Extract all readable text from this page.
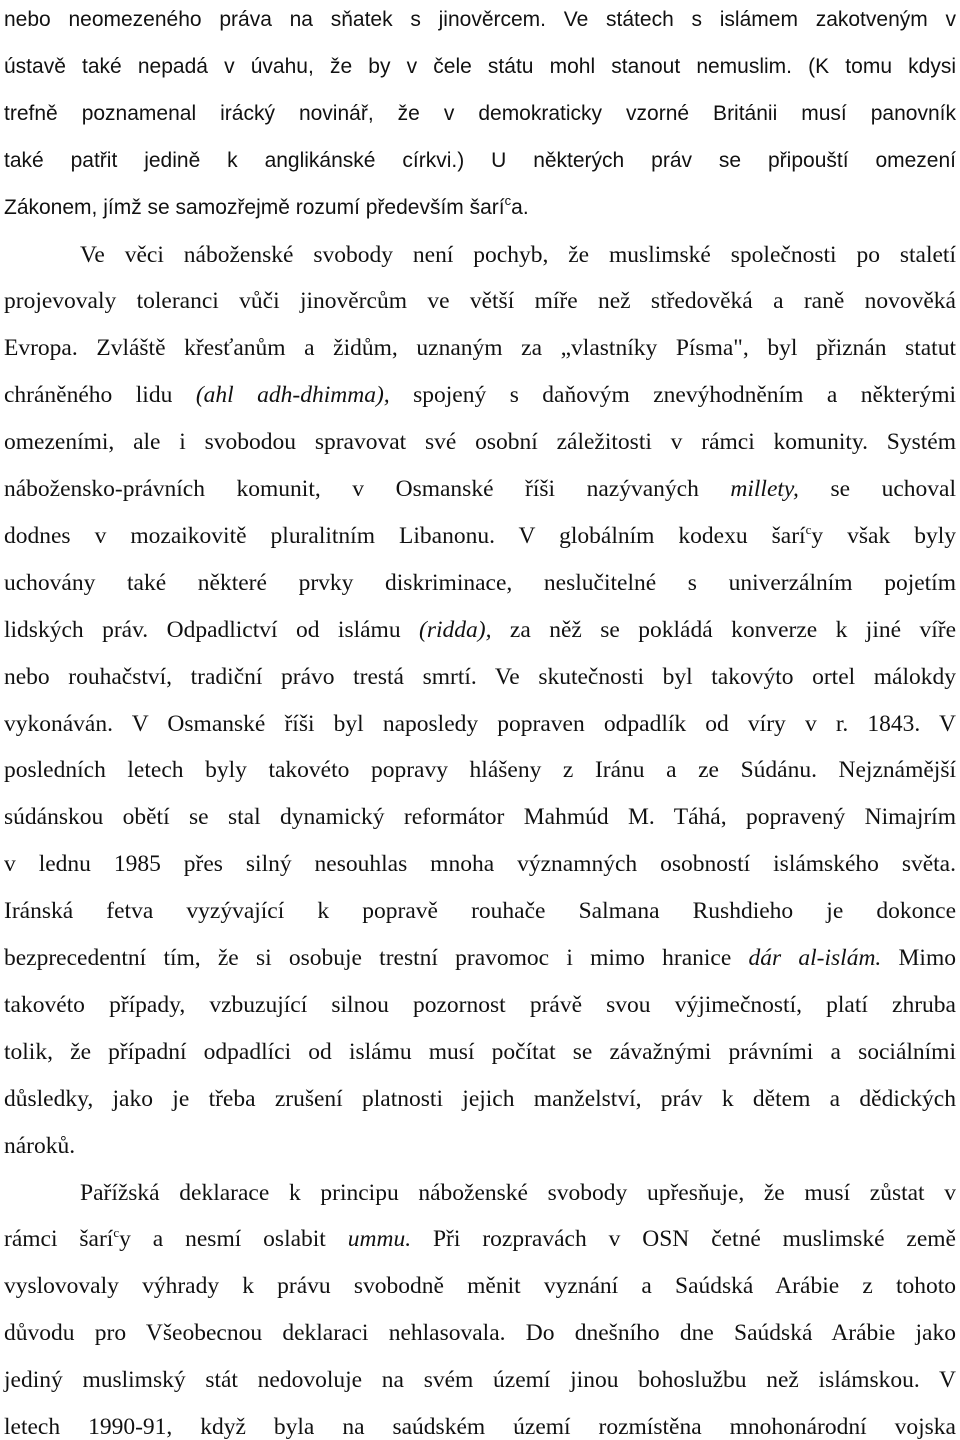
nebo neomezeného práva na sňatek s jinověrcem. Ve státech s islámem zakotveným v
ústavě také nepadá v úvahu, že by v čele státu mohl stanout nemuslim. (K tomu kdysi
trefně poznamenal irácký novinář, že v demokraticky vzorné Británii musí panovník
také patřit jedině k anglikánské církvi.) U některých práv se připouští omezení
Zákonem, jímž se samozřejmě rozumí především šarí$^c$a.
Ve věci náboženské svobody není pochyb, že muslimské společnosti po staletí
projevovaly toleranci vůči jinověrcům ve větší míře než středověká a raně novověká
Evropa. Zvláště křesťanům a židům, uznaným za „vlastníky Písma", byl přiznán statut
chráněného lidu (ahl adh-dhimma), spojený s daňovým znevýhodněním a některými
omezeními, ale i svobodou spravovat své osobní záležitosti v rámci komunity. Systém
nábožensko-právních komunit, v Osmanské říši nazývaných millety, se uchoval
dodnes v mozaikovitě pluralitním Libanonu. V globálním kodexu šarí$^c$y však byly
uchovány také některé prvky diskriminace, neslučitelné s univerzálním pojetím
lidských práv. Odpadlictví od islámu (ridda), za něž se pokládá konverze k jiné víře
nebo rouhačství, tradiční právo trestá smrtí. Ve skutečnosti byl takovýto ortel málokdy
vykonáván. V Osmanské říši byl naposledy popraven odpadlík od víry v r. 1843. V
posledních letech byly takovéto popravy hlášeny z Iránu a ze Súdánu. Nejznámější
súdánskou obětí se stal dynamický reformátor Mahmúd M. Táhá, popravený Nimajrím
v lednu 1985 přes silný nesouhlas mnoha významných osobností islámského světa.
Iránská fetva vyzývající k popravě rouhače Salmana Rushdieho je dokonce
bezprecedentní tím, že si osobuje trestní pravomoc i mimo hranice dár al-islám. Mimo
takovéto případy, vzbuzující silnou pozornost právě svou výjimečností, platí zhruba
tolik, že případní odpadlíci od islámu musí počítat se závažnými právními a sociálními
důsledky, jako je třeba zrušení platnosti jejich manželství, práv k dětem a dědických
nároků.
Pařížská deklarace k principu náboženské svobody upřesňuje, že musí zůstat v
rámci šarí$^c$y a nesmí oslabit ummu. Při rozpravách v OSN četné muslimské země
vyslovovaly výhrady k právu svobodně měnit vyznání a Saúdská Arábie z tohoto
důvodu pro Všeobecnou deklaraci nehlasovala. Do dnešního dne Saúdská Arábie jako
jediný muslimský stát nedovoluje na svém území jinou bohoslužbu než islámskou. V
letech 1990-91, když byla na saúdském území rozmístěna mnohonárodní vojska
